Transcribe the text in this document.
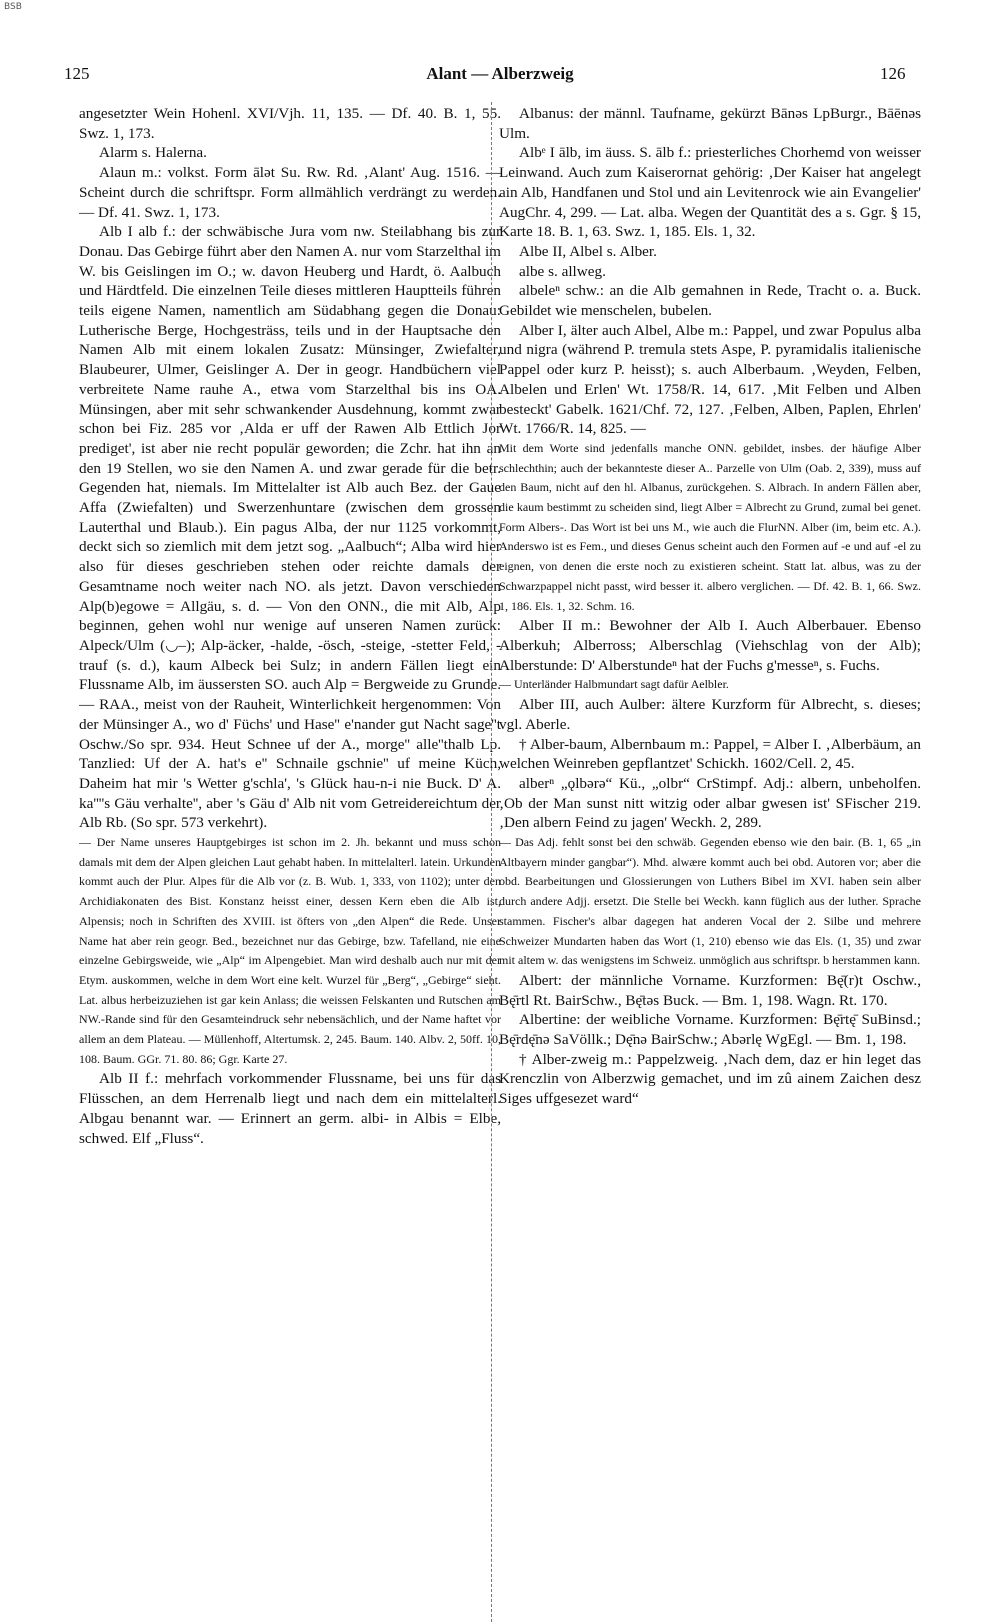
BSB
125	Alant — Alberzweig	126

angesetzter Wein Hohenl. XVI/Vjh. 11, 135. — Df. 40. B. 1, 55. Swz. 1, 173.

Alarm s. Halerna.

Alaun m.: volkst. Form ālət Su. Rw. Rd. ‚Alant' Aug. 1516. — Scheint durch die schriftspr. Form allmählich verdrängt zu werden. — Df. 41. Swz. 1, 173.

Alb I alb f.: der schwäbische Jura vom nw. Steilabhang bis zur Donau. Das Gebirge führt aber den Namen A. nur vom Starzelthal im W. bis Geislingen im O.; w. davon Heuberg und Hardt, ö. Aalbuch und Härdtfeld. Die einzelnen Teile dieses mittleren Hauptteils führen teils eigene Namen, namentlich am Südabhang gegen die Donau: Lutherische Berge, Hochgesträss, teils und in der Hauptsache den Namen Alb mit einem lokalen Zusatz: Münsinger, Zwiefalter, Blaubeurer, Ulmer, Geislinger A. Der in geogr. Handbüchern viel verbreitete Name rauhe A., etwa vom Starzelthal bis ins OA. Münsingen, aber mit sehr schwankender Ausdehnung, kommt zwar schon bei Fiz. 285 vor ‚Alda er uff der Rawen Alb Ettlich Jor prediget', ist aber nie recht populär geworden; die Zchr. hat ihn an den 19 Stellen, wo sie den Namen A. und zwar gerade für die betr. Gegenden hat, niemals. Im Mittelalter ist Alb auch Bez. der Gaue Affa (Zwiefalten) und Swerzenhuntare (zwischen dem grossen Lauterthal und Blaub.). Ein pagus Alba, der nur 1125 vorkommt, deckt sich so ziemlich mit dem jetzt sog. „Aalbuch“; Alba wird hier also für dieses geschrieben stehen oder reichte damals der Gesamtname noch weiter nach NO. als jetzt. Davon verschieden Alp(b)egowe = Allgäu, s. d. — Von den ONN., die mit Alb, Alp beginnen, gehen wohl nur wenige auf unseren Namen zurück: Alpeck/Ulm (◡–); Alp-äcker, -halde, -ösch, -steige, -stetter Feld, -trauf (s. d.), kaum Albeck bei Sulz; in andern Fällen liegt ein Flussname Alb, im äussersten SO. auch Alp = Bergweide zu Grunde. — RAA., meist von der Rauheit, Winterlichkeit hergenommen: Von der Münsinger A., wo d' Füchs' und Hase'' e'nander gut Nacht sage''t Oschw./So spr. 934. Heut Schnee uf der A., morge'' alle''thalb Lp. Tanzlied: Uf der A. hat's e'' Schnaile gschnie'' uf meine Küch, Daheim hat mir 's Wetter g'schla', 's Glück hau-n-i nie Buck. D' A. ka''''s Gäu verhalte'', aber 's Gäu d' Alb nit vom Getreidereichtum der Alb Rb. (So spr. 573 verkehrt).

— Der Name unseres Hauptgebirges ist schon im 2. Jh. bekannt und muss schon damals mit dem der Alpen gleichen Laut gehabt haben. In mittelalterl. latein. Urkunden kommt auch der Plur. Alpes für die Alb vor (z. B. Wub. 1, 333, von 1102); unter den Archidiakonaten des Bist. Konstanz heisst einer, dessen Kern eben die Alb ist, Alpensis; noch in Schriften des XVIII. ist öfters von „den Alpen“ die Rede. Unser Name hat aber rein geogr. Bed., bezeichnet nur das Gebirge, bzw. Tafelland, nie eine einzelne Gebirgsweide, wie „Alp“ im Alpengebiet. Man wird deshalb auch nur mit der Etym. auskommen, welche in dem Wort eine kelt. Wurzel für „Berg“, „Gebirge“ sieht. Lat. albus herbeizuziehen ist gar kein Anlass; die weissen Felskanten und Rutschen am NW.-Rande sind für den Gesamteindruck sehr nebensächlich, und der Name haftet vor allem an dem Plateau. — Müllenhoff, Altertumsk. 2, 245. Baum. 140. Albv. 2, 50ff. 10, 108. Baum. GGr. 71. 80. 86; Ggr. Karte 27.

Alb II f.: mehrfach vorkommender Flussname, bei uns für das Flüsschen, an dem Herrenalb liegt und nach dem ein mittelalterl. Albgau benannt war. — Erinnert an germ. albi- in Albis = Elbe, schwed. Elf „Fluss“.

Albanus: der männl. Taufname, gekürzt Bānəs LpBurgr., Bāēnəs Ulm.

Albᵉ I ālb, im äuss. S. ālb f.: priesterliches Chorhemd von weisser Leinwand. Auch zum Kaiserornat gehörig: ‚Der Kaiser hat angelegt ain Alb, Handfanen und Stol und ain Levitenrock wie ain Evangelier' AugChr. 4, 299. — Lat. alba. Wegen der Quantität des a s. Ggr. § 15, Karte 18. B. 1, 63. Swz. 1, 185. Els. 1, 32.

Albe II, Albel s. Alber.

albe s. allweg.

albeleⁿ schw.: an die Alb gemahnen in Rede, Tracht o. a. Buck. Gebildet wie menschelen, bubelen.

Alber I, älter auch Albel, Albe m.: Pappel, und zwar Populus alba und nigra (während P. tremula stets Aspe, P. pyramidalis italienische Pappel oder kurz P. heisst); s. auch Alberbaum. ‚Weyden, Felben, Albelen und Erlen' Wt. 1758/R. 14, 617. ‚Mit Felben und Alben besteckt' Gabelk. 1621/Chf. 72, 127. ‚Felben, Alben, Paplen, Ehrlen' Wt. 1766/R. 14, 825. —

Mit dem Worte sind jedenfalls manche ONN. gebildet, insbes. der häufige Alber schlechthin; auch der bekannteste dieser A.. Parzelle von Ulm (Oab. 2, 339), muss auf den Baum, nicht auf den hl. Albanus, zurückgehen. S. Albrach. In andern Fällen aber, die kaum bestimmt zu scheiden sind, liegt Alber = Albrecht zu Grund, zumal bei genet. Form Albers-. Das Wort ist bei uns M., wie auch die FlurNN. Alber (im, beim etc. A.). Anderswo ist es Fem., und dieses Genus scheint auch den Formen auf -e und auf -el zu eignen, von denen die erste noch zu existieren scheint. Statt lat. albus, was zu der Schwarzpappel nicht passt, wird besser it. albero verglichen. — Df. 42. B. 1, 66. Swz. 1, 186. Els. 1, 32. Schm. 16.

Alber II m.: Bewohner der Alb I. Auch Alberbauer. Ebenso Alberkuh; Alberross; Alberschlag (Viehschlag von der Alb); Alberstunde: D' Alberstundeⁿ hat der Fuchs g'messeⁿ, s. Fuchs.

— Unterländer Halbmundart sagt dafür Aelbler.

Alber III, auch Aulber: ältere Kurzform für Albrecht, s. dieses; vgl. Aberle.

† Alber-baum, Albernbaum m.: Pappel, = Alber I. ‚Alberbäum, an welchen Weinreben gepflantzet' Schickh. 1602/Cell. 2, 45.

alberⁿ „ǫlbərə“ Kü., „olbr“ CrStimpf. Adj.: albern, unbeholfen. ‚Ob der Man sunst nitt witzig oder albar gwesen ist' SFischer 219. ‚Den albern Feind zu jagen' Weckh. 2, 289.

— Das Adj. fehlt sonst bei den schwäb. Gegenden ebenso wie den bair. (B. 1, 65 „in Altbayern minder gangbar“). Mhd. alwære kommt auch bei obd. Autoren vor; aber die obd. Bearbeitungen und Glossierungen von Luthers Bibel im XVI. haben sein alber durch andere Adjj. ersetzt. Die Stelle bei Weckh. kann füglich aus der luther. Sprache stammen. Fischer's albar dagegen hat anderen Vocal der 2. Silbe und mehrere Schweizer Mundarten haben das Wort (1, 210) ebenso wie das Els. (1, 35) und zwar mit altem w. das wenigstens im Schweiz. unmöglich aus schriftspr. b herstammen kann.

Albert: der männliche Vorname. Kurzformen: Bę̄(r)t Oschw., Bę̄rtl Rt. BairSchw., Bę̄təs Buck. — Bm. 1, 198. Wagn. Rt. 170.

Albertine: der weibliche Vorname. Kurzformen: Bę̄rtę̄ SuBinsd.; Bę̄rdę̄nə SaVöllk.; Dę̄nə BairSchw.; Abərlę WgEgl. — Bm. 1, 198.

† Alber-zweig m.: Pappelzweig. ‚Nach dem, daz er hin leget das Krenczlin von Alberzwig gemachet, und im zû ainem Zaichen desz Siges uffgesezet ward“
